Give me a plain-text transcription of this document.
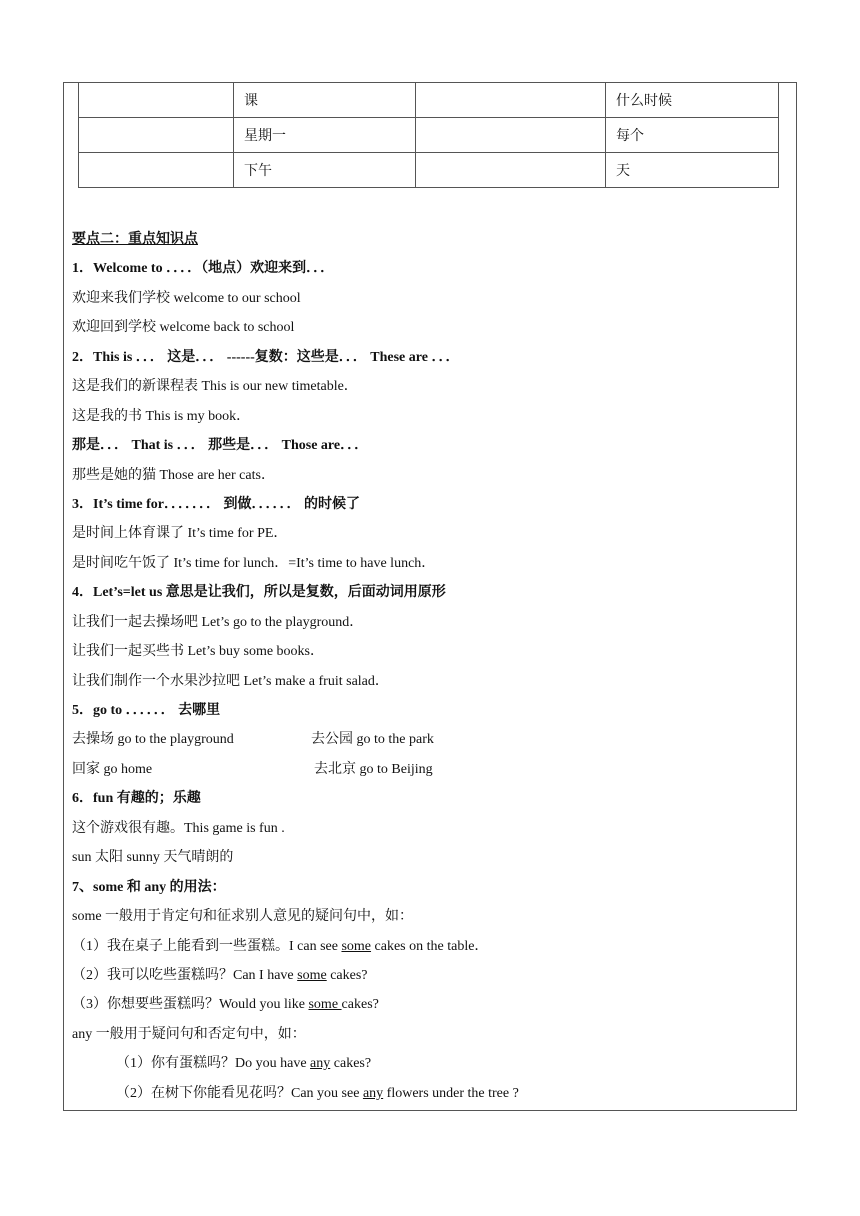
	课		什么时候
	星期一		每个
	下午		天
要点二：重点知识点
1．Welcome to ．．．．（地点）欢迎来到．．．
欢迎来我们学校 welcome to our school
欢迎回到学校 welcome back to school
2．This is ．．． 这是．．． ------复数：这些是．．． These are ．．．
这是我们的新课程表 This is our new timetable．
这是我的书 This is my book．
那是．．． That is ．．． 那些是．．． Those are．．．
那些是她的猫 Those are her cats．
3．It’s time for．．．．．．． 到做．．．．．． 的时候了
是时间上体育课了 It’s time for PE．
是时间吃午饭了 It’s time for lunch．=It’s time to have lunch．
4．Let’s=let us 意思是让我们，所以是复数，后面动词用原形
让我们一起去操场吧 Let’s go to the playground．
让我们一起买些书 Let’s buy some books．
让我们制作一个水果沙拉吧 Let’s make a fruit salad．
5．go to ．．．．．． 去哪里
去操场 go to the playground	去公园 go to the park
回家 go home	去北京 go to Beijing
6．fun 有趣的；乐趣
这个游戏很有趣。This game is fun .
sun 太阳 sunny 天气晴朗的
7、some 和 any 的用法：
some 一般用于肯定句和征求别人意见的疑问句中，如：
（1）我在桌子上能看到一些蛋糕。I can see some cakes on the table．
（2）我可以吃些蛋糕吗？Can I have some cakes?
（3）你想要些蛋糕吗？Would you like some cakes?
any 一般用于疑问句和否定句中，如：
（1）你有蛋糕吗？Do you have any cakes?
（2）在树下你能看见花吗？Can you see any flowers under the tree ?
